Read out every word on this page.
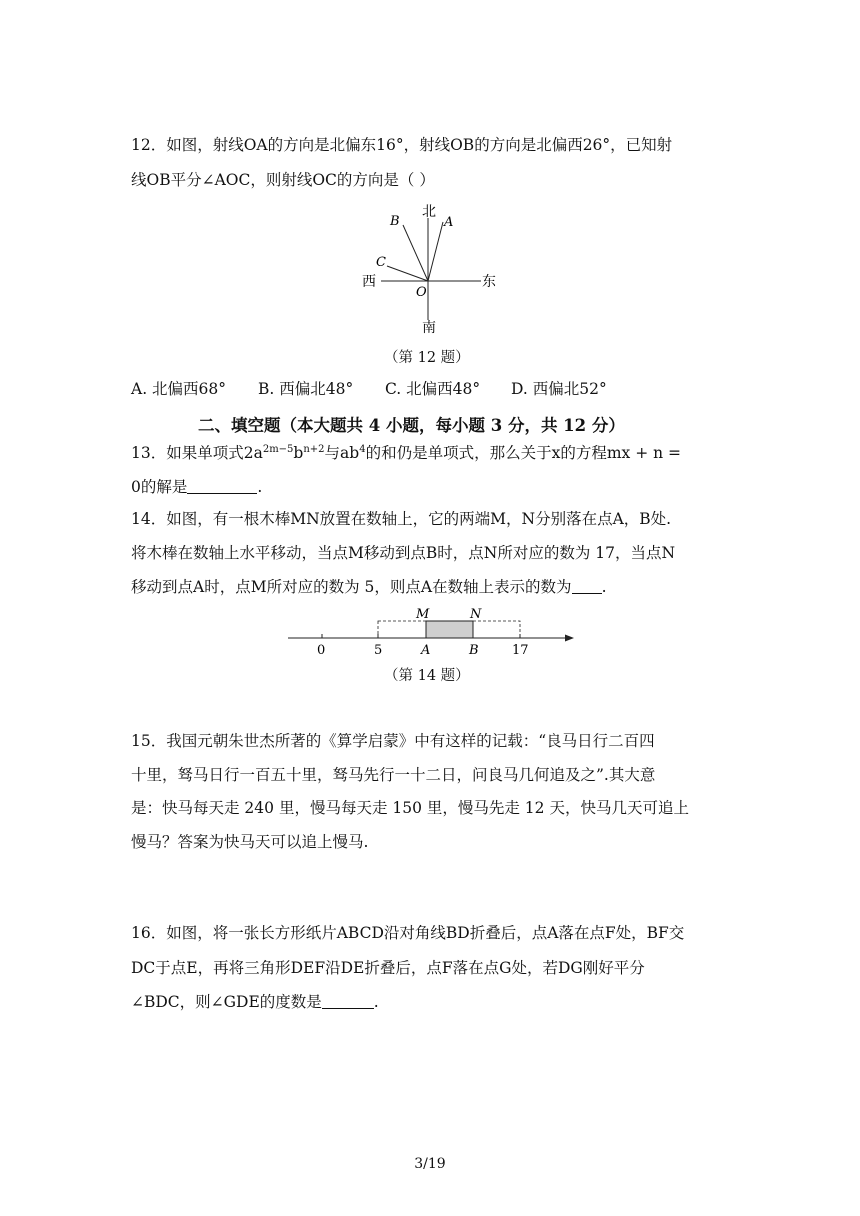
12．如图，射线OA的方向是北偏东16°，射线OB的方向是北偏西26°，已知射
线OB平分∠AOC，则射线OC的方向是（ ）
北
南
东
西
A
B
C
O
（第 12 题）
A. 北偏西68° B. 西偏北48° C. 北偏西48° D. 西偏北52°
二、填空题（本大题共 4 小题，每小题 3 分，共 12 分）
13．如果单项式$2a^{2m-5}b^{n+2}$与$ab^4$的和仍是单项式，那么关于x的方程mx + n =
0的解是	.
14．如图，有一根木棒MN放置在数轴上，它的两端M，N分别落在点A，B处.
将木棒在数轴上水平移动，当点M移动到点B时，点N所对应的数为 17，当点N
移动到点A时，点M所对应的数为 5，则点A在数轴上表示的数为 .
M	N
0	5	A	B	17
（第 14 题）
15．我国元朝朱世杰所著的《算学启蒙》中有这样的记载：“良马日行二百四
十里，驽马日行一百五十里，驽马先行一十二日，问良马几何追及之”.其大意
是：快马每天走 240 里，慢马每天走 150 里，慢马先走 12 天，快马几天可追上
慢马？答案为快马天可以追上慢马.
16．如图，将一张长方形纸片ABCD沿对角线BD折叠后，点A落在点F处，BF交
DC于点E，再将三角形DEF沿DE折叠后，点F落在点G处，若DG刚好平分
∠BDC，则∠GDE的度数是	.
3/19
